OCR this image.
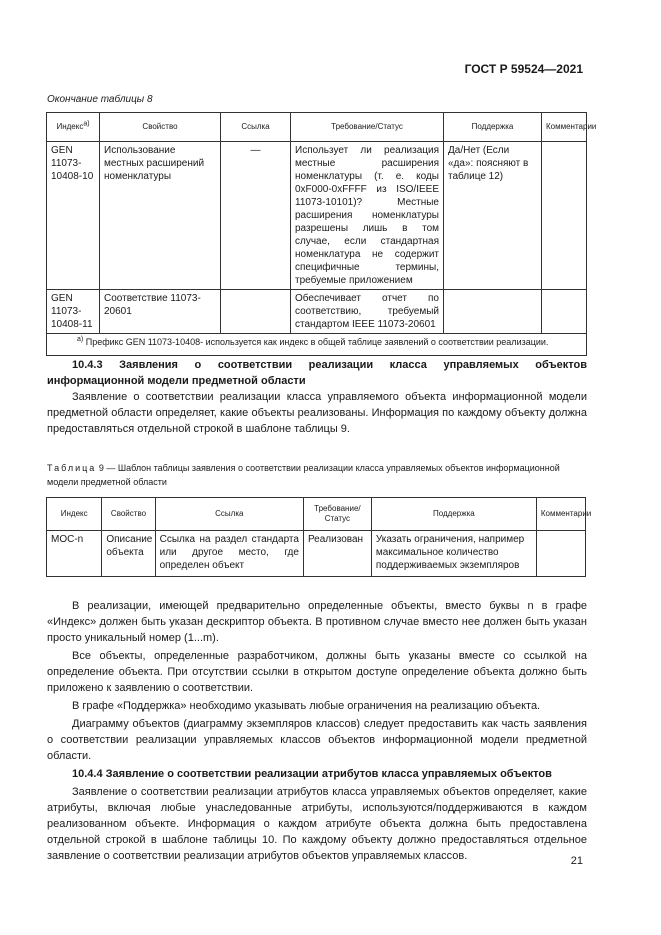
ГОСТ Р 59524—2021
Окончание таблицы 8
Индекс$^{а)}$	Свойство	Ссылка	Требование/Статус	Поддержка	Комментарии
GEN 11073-10408-10	Использование местных расширений номенклатуры	—	Использует ли реализация местные расширения номенклатуры (т. е. коды 0xF000-0xFFFF из ISO/IEEE 11073-10101)? Местные расширения номенклатуры разрешены лишь в том случае, если стандартная номенклатура не содержит специфичные термины, требуемые приложением	Да/Нет (Если «да»: поясняют в таблице 12)	
GEN 11073-10408-11	Соответствие 11073-20601		Обеспечивает отчет по соответствию, требуемый стандартом IEEE 11073-20601		
$^{а)}$ Префикс GEN 11073-10408- используется как индекс в общей таблице заявлений о соответствии реализации.					

10.4.3 Заявления о соответствии реализации класса управляемых объектов информационной модели предметной области

Заявление о соответствии реализации класса управляемого объекта информационной модели предметной области определяет, какие объекты реализованы. Информация по каждому объекту должна предоставляться отдельной строкой в шаблоне таблицы 9.

Таблица 9 — Шаблон таблицы заявления о соответствии реализации класса управляемых объектов информационной модели предметной области
Индекс	Свойство	Ссылка	Требование/ Статус	Поддержка	Комментарии
MOC-n	Описание объекта	Ссылка на раздел стандарта или другое место, где определен объект	Реализован	Указать ограничения, например максимальное количество поддерживаемых экземпляров	

В реализации, имеющей предварительно определенные объекты, вместо буквы n в графе «Индекс» должен быть указан дескриптор объекта. В противном случае вместо нее должен быть указан просто уникальный номер (1...m).

Все объекты, определенные разработчиком, должны быть указаны вместе со ссылкой на определение объекта. При отсутствии ссылки в открытом доступе определение объекта должно быть приложено к заявлению о соответствии.

В графе «Поддержка» необходимо указывать любые ограничения на реализацию объекта.

Диаграмму объектов (диаграмму экземпляров классов) следует предоставить как часть заявления о соответствии реализации управляемых классов объектов информационной модели предметной области.

10.4.4 Заявление о соответствии реализации атрибутов класса управляемых объектов

Заявление о соответствии реализации атрибутов класса управляемых объектов определяет, какие атрибуты, включая любые унаследованные атрибуты, используются/поддерживаются в каждом реализованном объекте. Информация о каждом атрибуте объекта должна быть предоставлена отдельной строкой в шаблоне таблицы 10. По каждому объекту должно предоставляться отдельное заявление о соответствии реализации атрибутов объектов управляемых классов.	21
